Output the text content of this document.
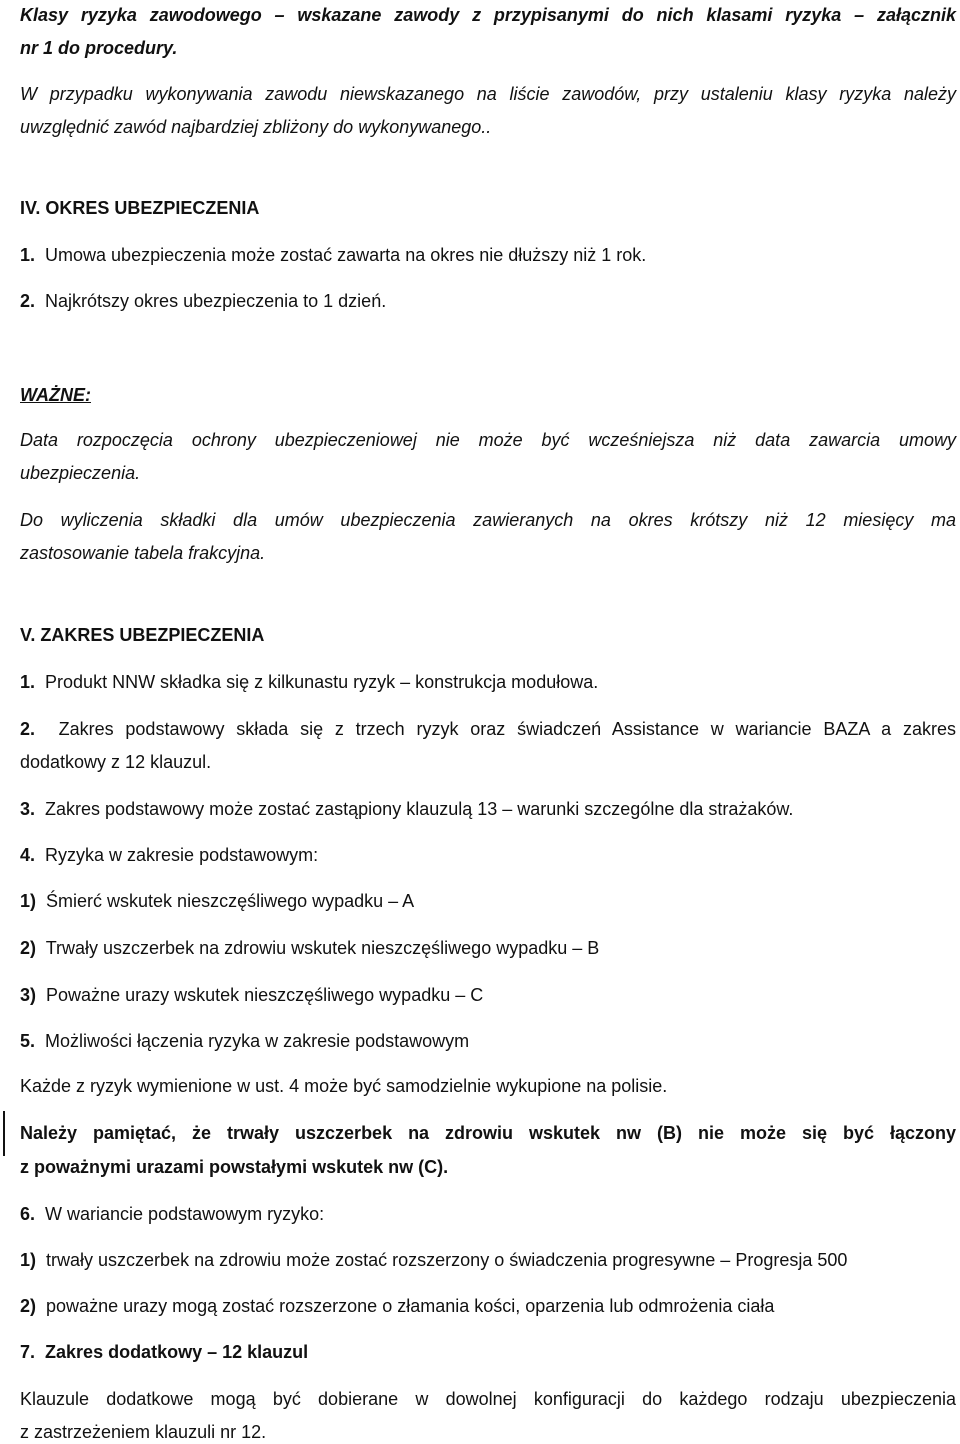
Klasy ryzyka zawodowego – wskazane zawody z przypisanymi do nich klasami ryzyka – załącznik
nr 1 do procedury.
W przypadku wykonywania zawodu niewskazanego na liście zawodów, przy ustaleniu klasy ryzyka należy
uwzględnić zawód najbardziej zbliżony do wykonywanego..
IV. OKRES UBEZPIECZENIA
1. Umowa ubezpieczenia może zostać zawarta na okres nie dłuższy niż 1 rok.
2. Najkrótszy okres ubezpieczenia to 1 dzień.
WAŻNE:
Data rozpoczęcia ochrony ubezpieczeniowej nie może być wcześniejsza niż data zawarcia umowy
ubezpieczenia.
Do wyliczenia składki dla umów ubezpieczenia zawieranych na okres krótszy niż 12 miesięcy ma
zastosowanie tabela frakcyjna.
V. ZAKRES UBEZPIECZENIA
1. Produkt NNW składka się z kilkunastu ryzyk – konstrukcja modułowa.
2. Zakres podstawowy składa się z trzech ryzyk oraz świadczeń Assistance w wariancie BAZA a zakres
dodatkowy z 12 klauzul.
3. Zakres podstawowy może zostać zastąpiony klauzulą 13 – warunki szczególne dla strażaków.
4. Ryzyka w zakresie podstawowym:
1) Śmierć wskutek nieszczęśliwego wypadku – A
2) Trwały uszczerbek na zdrowiu wskutek nieszczęśliwego wypadku – B
3) Poważne urazy wskutek nieszczęśliwego wypadku – C
5. Możliwości łączenia ryzyka w zakresie podstawowym
Każde z ryzyk wymienione w ust. 4 może być samodzielnie wykupione na polisie.
Należy pamiętać, że trwały uszczerbek na zdrowiu wskutek nw (B) nie może się być łączony
z poważnymi urazami powstałymi wskutek nw (C).
6. W wariancie podstawowym ryzyko:
1) trwały uszczerbek na zdrowiu może zostać rozszerzony o świadczenia progresywne – Progresja 500
2) poważne urazy mogą zostać rozszerzone o złamania kości, oparzenia lub odmrożenia ciała
7. Zakres dodatkowy – 12 klauzul
Klauzule dodatkowe mogą być dobierane w dowolnej konfiguracji do każdego rodzaju ubezpieczenia
z zastrzeżeniem klauzuli nr 12.
